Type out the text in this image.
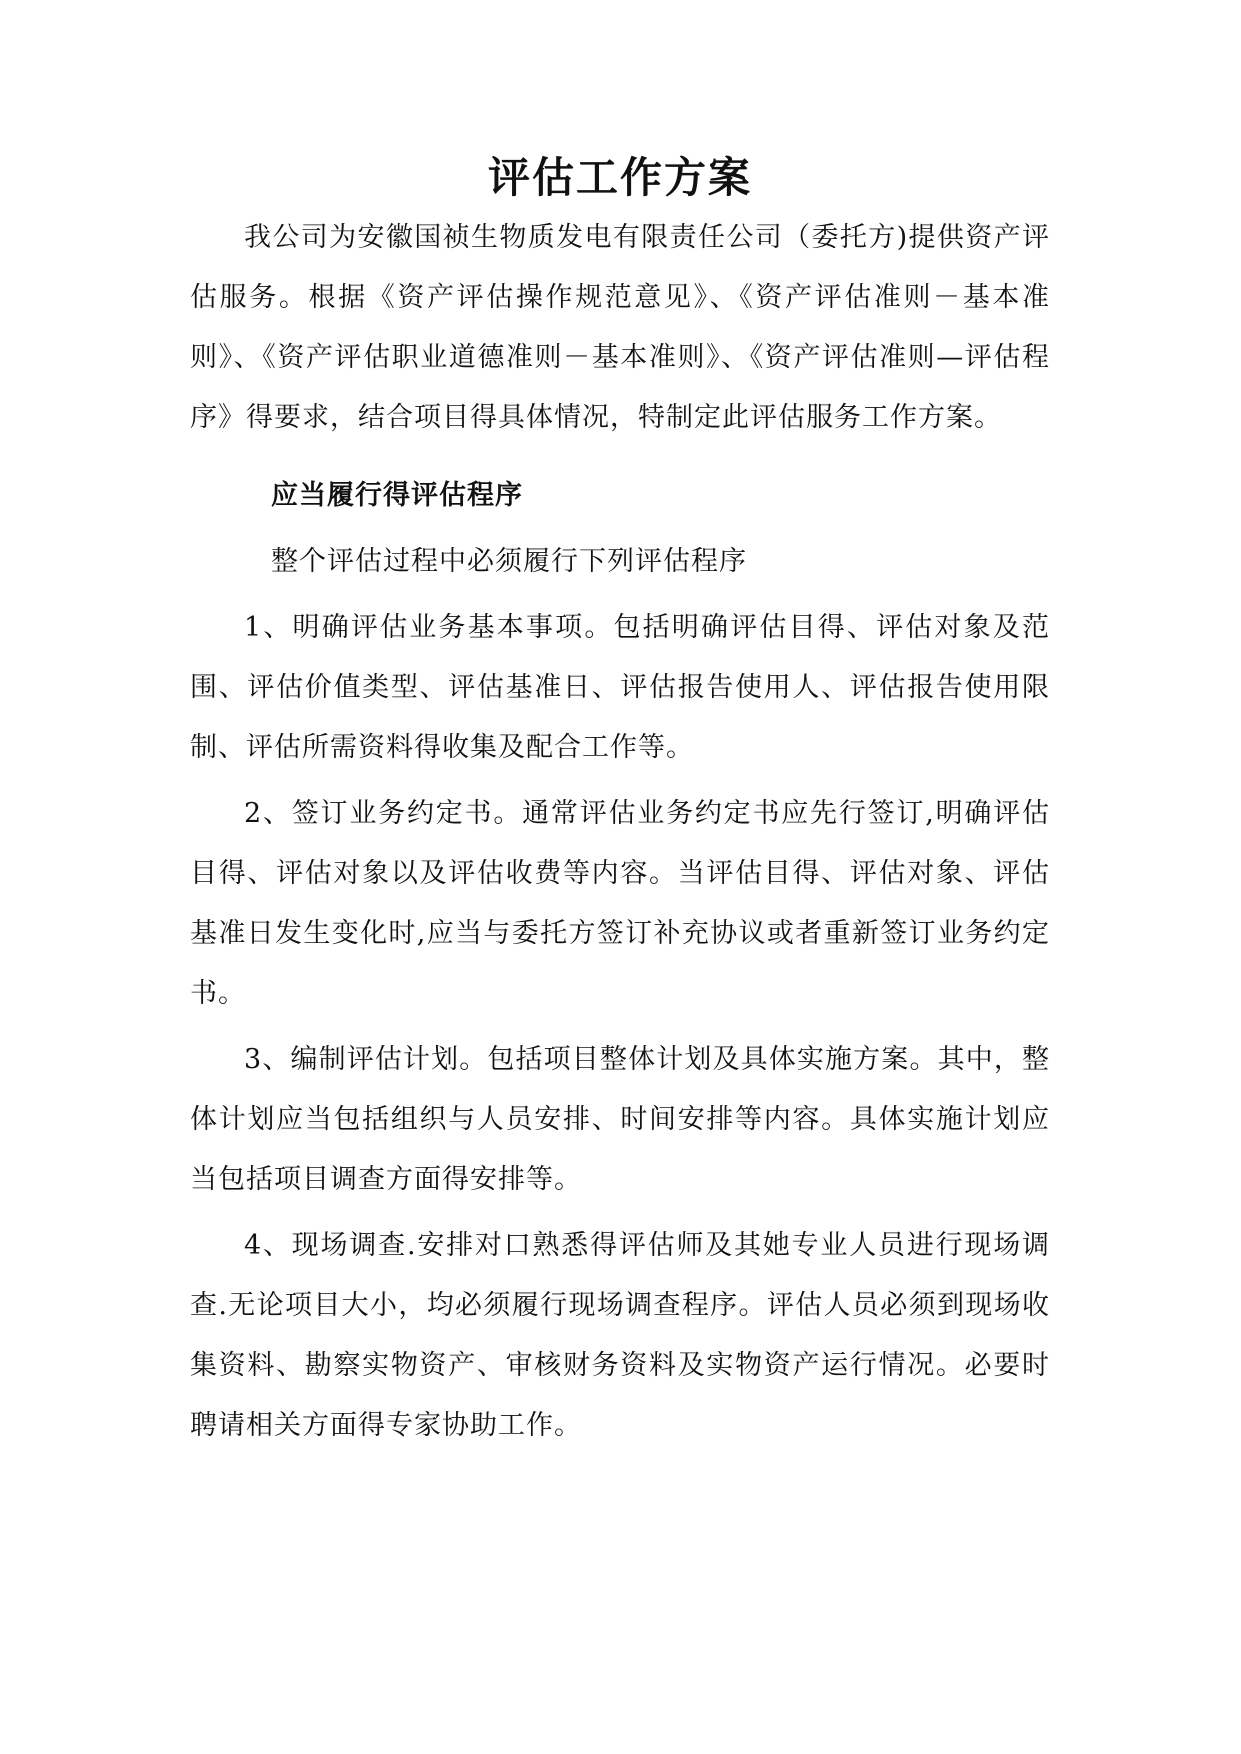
评估工作方案

我公司为安徽国祯生物质发电有限责任公司（委托方)提供资产评估服务。根据《资产评估操作规范意见》、《资产评估准则－基本准则》、《资产评估职业道德准则－基本准则》、《资产评估准则—评估程序》得要求，结合项目得具体情况，特制定此评估服务工作方案。

应当履行得评估程序

整个评估过程中必须履行下列评估程序

1、明确评估业务基本事项。包括明确评估目得、评估对象及范围、评估价值类型、评估基准日、评估报告使用人、评估报告使用限制、评估所需资料得收集及配合工作等。

2、签订业务约定书。通常评估业务约定书应先行签订,明确评估目得、评估对象以及评估收费等内容。当评估目得、评估对象、评估基准日发生变化时,应当与委托方签订补充协议或者重新签订业务约定书。

3、编制评估计划。包括项目整体计划及具体实施方案。其中，整体计划应当包括组织与人员安排、时间安排等内容。具体实施计划应当包括项目调查方面得安排等。

4、现场调查.安排对口熟悉得评估师及其她专业人员进行现场调查.无论项目大小，均必须履行现场调查程序。评估人员必须到现场收集资料、勘察实物资产、审核财务资料及实物资产运行情况。必要时聘请相关方面得专家协助工作。
